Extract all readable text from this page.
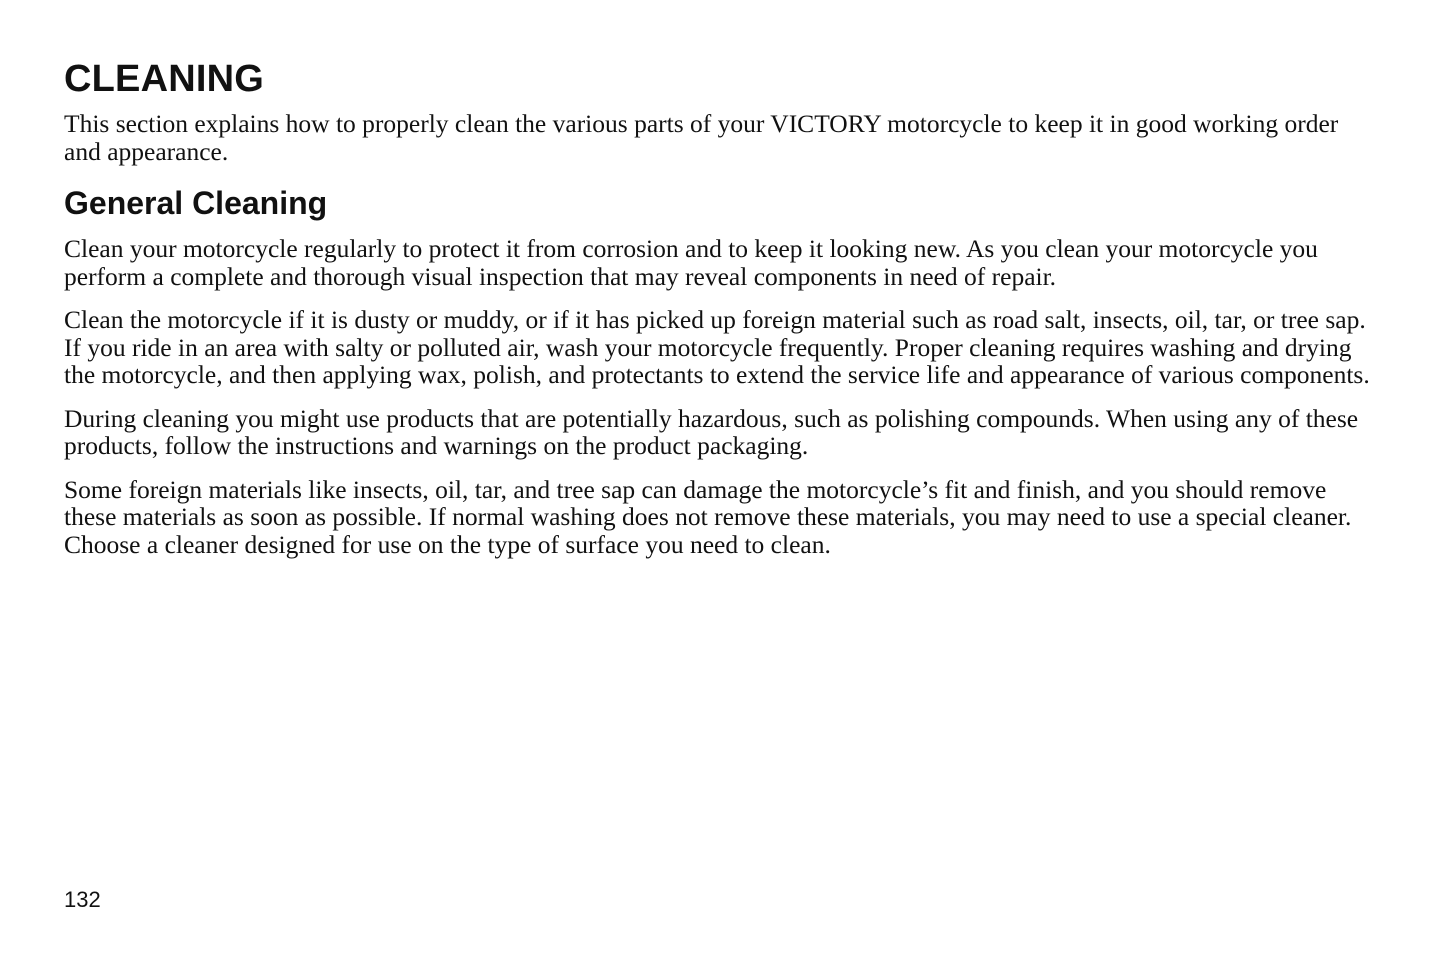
CLEANING

This section explains how to properly clean the various parts of your VICTORY motorcycle to keep it in good working order and appearance.

General Cleaning

Clean your motorcycle regularly to protect it from corrosion and to keep it looking new. As you clean your motorcycle you perform a complete and thorough visual inspection that may reveal components in need of repair.

Clean the motorcycle if it is dusty or muddy, or if it has picked up foreign material such as road salt, insects, oil, tar, or tree sap. If you ride in an area with salty or polluted air, wash your motorcycle frequently. Proper cleaning requires washing and drying the motorcycle, and then applying wax, polish, and protectants to extend the service life and appearance of various components.

During cleaning you might use products that are potentially hazardous, such as polishing compounds. When using any of these products, follow the instructions and warnings on the product packaging.

Some foreign materials like insects, oil, tar, and tree sap can damage the motorcycle’s fit and finish, and you should remove these materials as soon as possible. If normal washing does not remove these materials, you may need to use a special cleaner. Choose a cleaner designed for use on the type of surface you need to clean.

132
